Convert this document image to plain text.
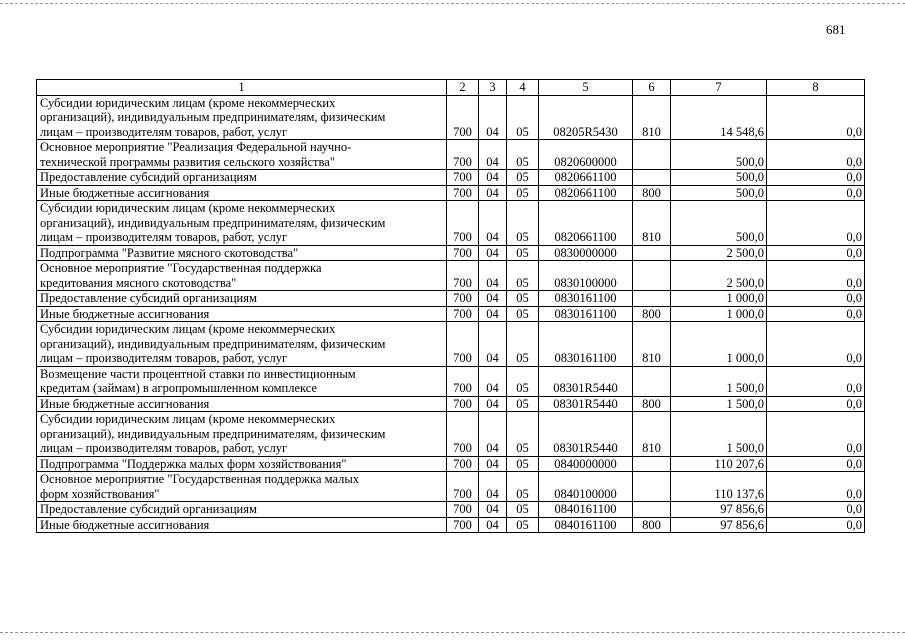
681
1	2	3	4	5	6	7	8
Субсидии юридическим лицам (кроме некоммерческих
организаций), индивидуальным предпринимателям, физическим
лицам – производителям товаров, работ, услуг	700	04	05	08205R5430	810	14 548,6	0,0
Основное мероприятие "Реализация Федеральной научно-
технической программы развития сельского хозяйства"	700	04	05	0820600000		500,0	0,0
Предоставление субсидий организациям	700	04	05	0820661100		500,0	0,0
Иные бюджетные ассигнования	700	04	05	0820661100	800	500,0	0,0
Субсидии юридическим лицам (кроме некоммерческих
организаций), индивидуальным предпринимателям, физическим
лицам – производителям товаров, работ, услуг	700	04	05	0820661100	810	500,0	0,0
Подпрограмма "Развитие мясного скотоводства"	700	04	05	0830000000		2 500,0	0,0
Основное мероприятие "Государственная поддержка
кредитования мясного скотоводства"	700	04	05	0830100000		2 500,0	0,0
Предоставление субсидий организациям	700	04	05	0830161100		1 000,0	0,0
Иные бюджетные ассигнования	700	04	05	0830161100	800	1 000,0	0,0
Субсидии юридическим лицам (кроме некоммерческих
организаций), индивидуальным предпринимателям, физическим
лицам – производителям товаров, работ, услуг	700	04	05	0830161100	810	1 000,0	0,0
Возмещение части процентной ставки по инвестиционным
кредитам (займам) в агропромышленном комплексе	700	04	05	08301R5440		1 500,0	0,0
Иные бюджетные ассигнования	700	04	05	08301R5440	800	1 500,0	0,0
Субсидии юридическим лицам (кроме некоммерческих
организаций), индивидуальным предпринимателям, физическим
лицам – производителям товаров, работ, услуг	700	04	05	08301R5440	810	1 500,0	0,0
Подпрограмма "Поддержка малых форм хозяйствования"	700	04	05	0840000000		110 207,6	0,0
Основное мероприятие "Государственная поддержка малых
форм хозяйствования"	700	04	05	0840100000		110 137,6	0,0
Предоставление субсидий организациям	700	04	05	0840161100		97 856,6	0,0
Иные бюджетные ассигнования	700	04	05	0840161100	800	97 856,6	0,0
